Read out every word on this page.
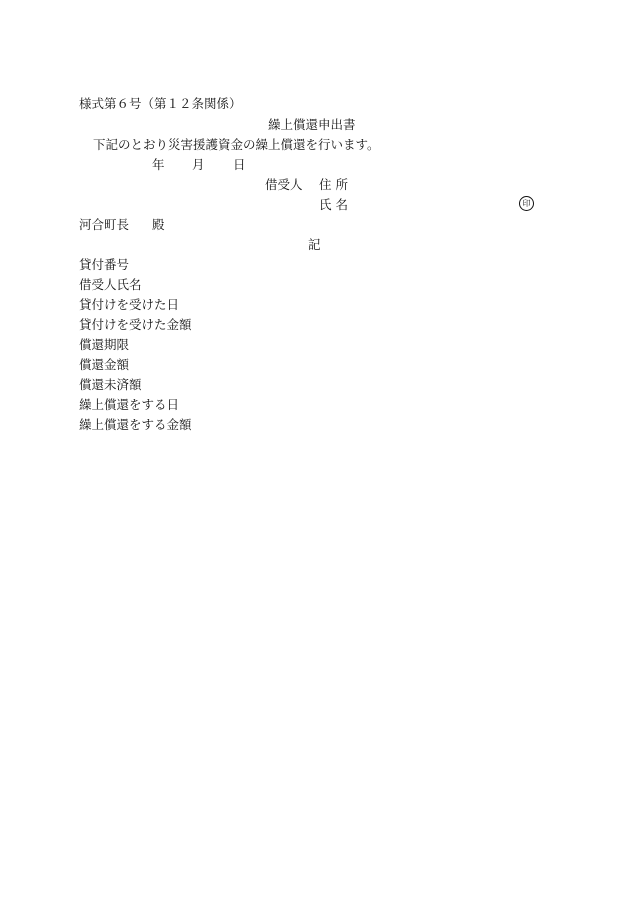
様式第６号（第１２条関係）
繰上償還申出書
下記のとおり災害援護資金の繰上償還を行います。
年 月 日
借受人 住 所
氏 名	印
河合町長 殿
記
貸付番号
借受人氏名
貸付けを受けた日
貸付けを受けた金額
償還期限
償還金額
償還未済額
繰上償還をする日
繰上償還をする金額
